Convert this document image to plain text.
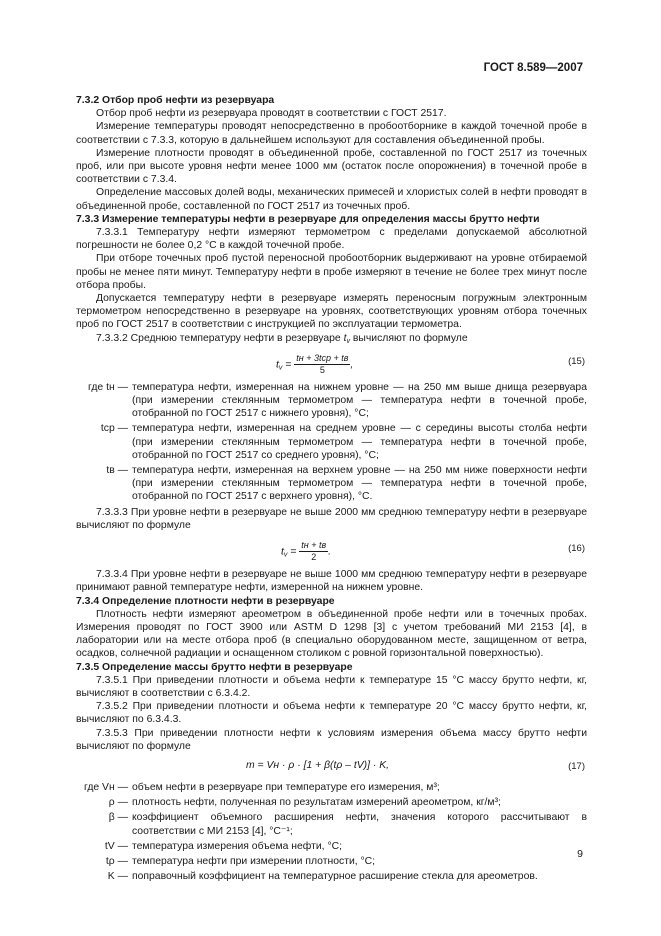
ГОСТ 8.589—2007

7.3.2 Отбор проб нефти из резервуара

Отбор проб нефти из резервуара проводят в соответствии с ГОСТ 2517.

Измерение температуры проводят непосредственно в пробоотборнике в каждой точечной пробе в соответствии с 7.3.3, которую в дальнейшем используют для составления объединенной пробы.

Измерение плотности проводят в объединенной пробе, составленной по ГОСТ 2517 из точечных проб, или при высоте уровня нефти менее 1000 мм (остаток после опорожнения) в точечной пробе в соответствии с 7.3.4.

Определение массовых долей воды, механических примесей и хлористых солей в нефти проводят в объединенной пробе, составленной по ГОСТ 2517 из точечных проб.

7.3.3 Измерение температуры нефти в резервуаре для определения массы брутто нефти

7.3.3.1 Температуру нефти измеряют термометром с пределами допускаемой абсолютной погрешности не более 0,2 °С в каждой точечной пробе.

При отборе точечных проб пустой переносной пробоотборник выдерживают на уровне отбираемой пробы не менее пяти минут. Температуру нефти в пробе измеряют в течение не более трех минут после отбора пробы.

Допускается температуру нефти в резервуаре измерять переносным погружным электронным термометром непосредственно в резервуаре на уровнях, соответствующих уровням отбора точечных проб по ГОСТ 2517 в соответствии с инструкцией по эксплуатации термометра.

7.3.3.2 Среднюю температуру нефти в резервуаре $t_v$ вычисляют по формуле

$t_v = \frac{\text{tн + 3tср + tв}}{5}$ ,	(15)
где tн — температура нефти, измеренная на нижнем уровне — на 250 мм выше днища резервуара (при измерении стеклянным термометром — температура нефти в точечной пробе, отобранной по ГОСТ 2517 с нижнего уровня), °С;
tср — температура нефти, измеренная на среднем уровне — с середины высоты столба нефти (при измерении стеклянным термометром — температура нефти в точечной пробе, отобранной по ГОСТ 2517 со среднего уровня), °С;
tв — температура нефти, измеренная на верхнем уровне — на 250 мм ниже поверхности нефти (при измерении стеклянным термометром — температура нефти в точечной пробе, отобранной по ГОСТ 2517 с верхнего уровня), °С.

7.3.3.3 При уровне нефти в резервуаре не выше 2000 мм среднюю температуру нефти в резервуаре вычисляют по формуле

$t_v = \frac{tн + tв}{2}$ .	(16)

7.3.3.4 При уровне нефти в резервуаре не выше 1000 мм среднюю температуру нефти в резервуаре принимают равной температуре нефти, измеренной на нижнем уровне.

7.3.4 Определение плотности нефти в резервуаре

Плотность нефти измеряют ареометром в объединенной пробе нефти или в точечных пробах. Измерения проводят по ГОСТ 3900 или ASTM D 1298 [3] с учетом требований МИ 2153 [4], в лаборатории или на месте отбора проб (в специально оборудованном месте, защищенном от ветра, осадков, солнечной радиации и оснащенном столиком с ровной горизонтальной поверхностью).

7.3.5 Определение массы брутто нефти в резервуаре

7.3.5.1 При приведении плотности и объема нефти к температуре 15 °С массу брутто нефти, кг, вычисляют в соответствии с 6.3.4.2.

7.3.5.2 При приведении плотности и объема нефти к температуре 20 °С массу брутто нефти, кг, вычисляют по 6.3.4.3.

7.3.5.3 При приведении плотности нефти к условиям измерения объема массу брутто нефти вычисляют по формуле

m = Vн · ρ · [1 + β(tρ – tV)] · K,	(17)
где Vн — объем нефти в резервуаре при температуре его измерения, м³;
ρ — плотность нефти, полученная по результатам измерений ареометром, кг/м³;
β — коэффициент объемного расширения нефти, значения которого рассчитывают в соответствии с МИ 2153 [4], °С⁻¹;
tV — температура измерения объема нефти, °С;
tρ — температура нефти при измерении плотности, °С;
K — поправочный коэффициент на температурное расширение стекла для ареометров.
9
